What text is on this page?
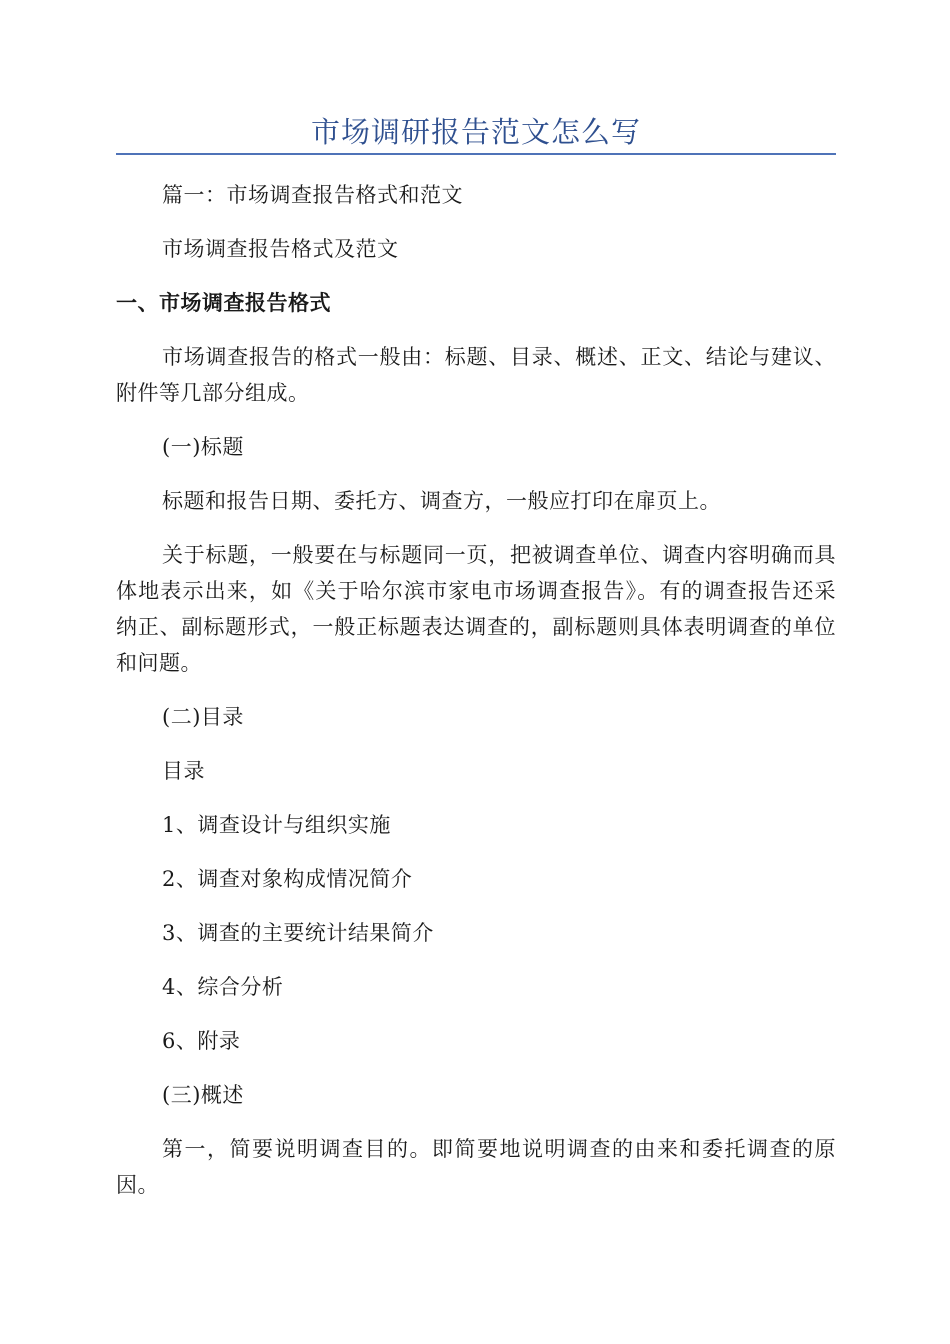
市场调研报告范文怎么写

篇一：市场调查报告格式和范文

市场调查报告格式及范文

一、市场调查报告格式

市场调查报告的格式一般由：标题、目录、概述、正文、结论与建议、附件等几部分组成。

(一)标题

标题和报告日期、委托方、调查方，一般应打印在扉页上。

关于标题，一般要在与标题同一页，把被调查单位、调查内容明确而具体地表示出来，如《关于哈尔滨市家电市场调查报告》。有的调查报告还采纳正、副标题形式，一般正标题表达调查的，副标题则具体表明调查的单位和问题。

(二)目录

目录

1、调查设计与组织实施

2、调查对象构成情况简介

3、调查的主要统计结果简介

4、综合分析

6、附录

(三)概述

第一，简要说明调查目的。即简要地说明调查的由来和委托调查的原因。
